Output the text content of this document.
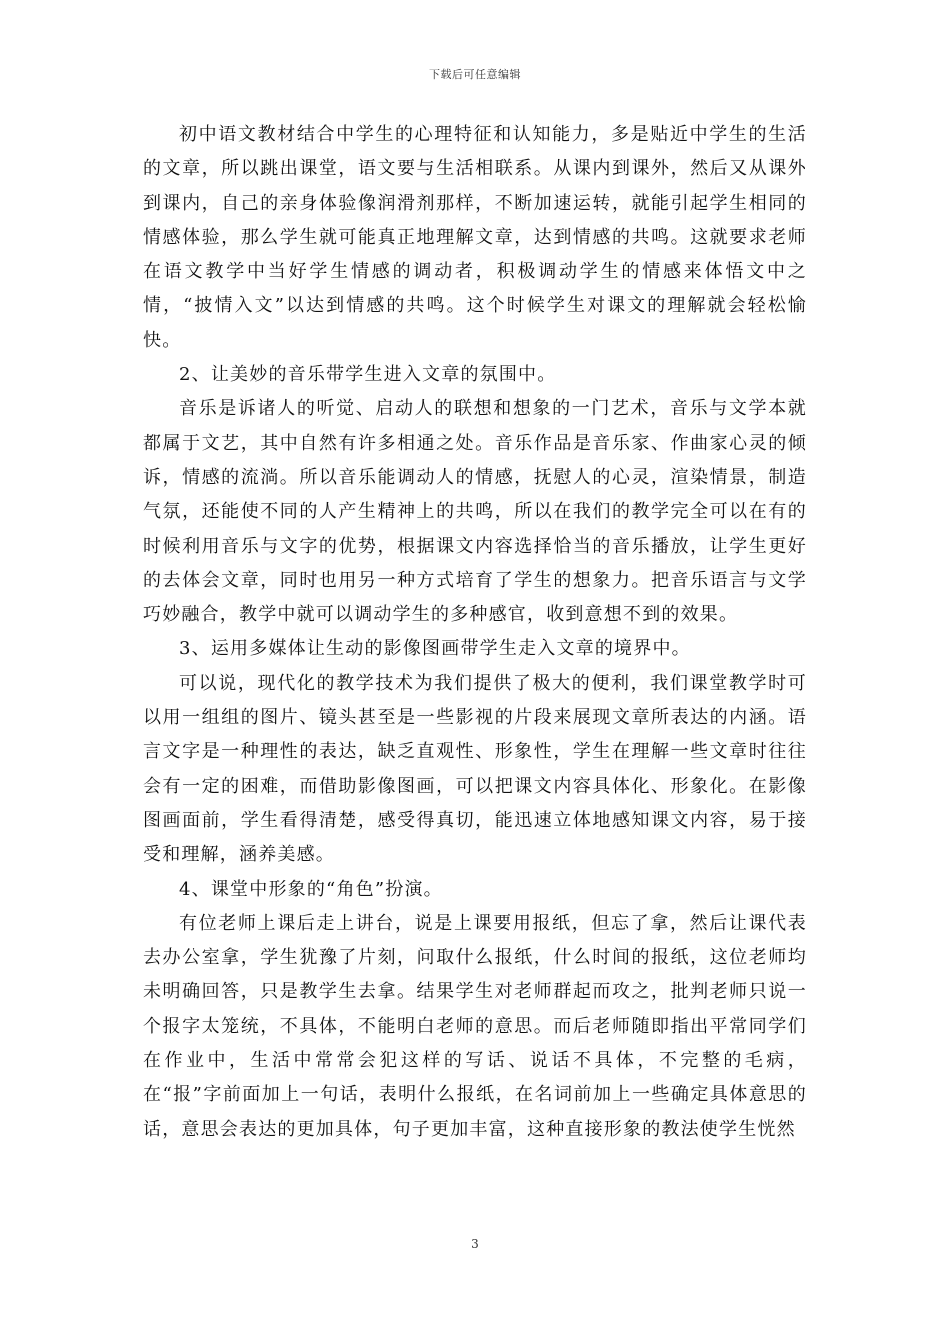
下载后可任意编辑

初中语文教材结合中学生的心理特征和认知能力，多是贴近中学生的生活的文章，所以跳出课堂，语文要与生活相联系。从课内到课外，然后又从课外到课内，自己的亲身体验像润滑剂那样，不断加速运转，就能引起学生相同的情感体验，那么学生就可能真正地理解文章，达到情感的共鸣。这就要求老师在语文教学中当好学生情感的调动者，积极调动学生的情感来体悟文中之情，“披情入文”以达到情感的共鸣。这个时候学生对课文的理解就会轻松愉快。

2、让美妙的音乐带学生进入文章的氛围中。

音乐是诉诸人的听觉、启动人的联想和想象的一门艺术，音乐与文学本就都属于文艺，其中自然有许多相通之处。音乐作品是音乐家、作曲家心灵的倾诉，情感的流淌。所以音乐能调动人的情感，抚慰人的心灵，渲染情景，制造气氛，还能使不同的人产生精神上的共鸣，所以在我们的教学完全可以在有的时候利用音乐与文字的优势，根据课文内容选择恰当的音乐播放，让学生更好的去体会文章，同时也用另一种方式培育了学生的想象力。把音乐语言与文学巧妙融合，教学中就可以调动学生的多种感官，收到意想不到的效果。

3、运用多媒体让生动的影像图画带学生走入文章的境界中。

可以说，现代化的教学技术为我们提供了极大的便利，我们课堂教学时可以用一组组的图片、镜头甚至是一些影视的片段来展现文章所表达的内涵。语言文字是一种理性的表达，缺乏直观性、形象性，学生在理解一些文章时往往会有一定的困难，而借助影像图画，可以把课文内容具体化、形象化。在影像图画面前，学生看得清楚，感受得真切，能迅速立体地感知课文内容，易于接受和理解，涵养美感。

4、课堂中形象的“角色”扮演。

有位老师上课后走上讲台，说是上课要用报纸，但忘了拿，然后让课代表去办公室拿，学生犹豫了片刻，问取什么报纸，什么时间的报纸，这位老师均未明确回答，只是教学生去拿。结果学生对老师群起而攻之，批判老师只说一个报字太笼统，不具体，不能明白老师的意思。而后老师随即指出平常同学们在作业中，生活中常常会犯这样的写话、说话不具体，不完整的毛病，在“报”字前面加上一句话，表明什么报纸，在名词前加上一些确定具体意思的话，意思会表达的更加具体，句子更加丰富，这种直接形象的教法使学生恍然

3
